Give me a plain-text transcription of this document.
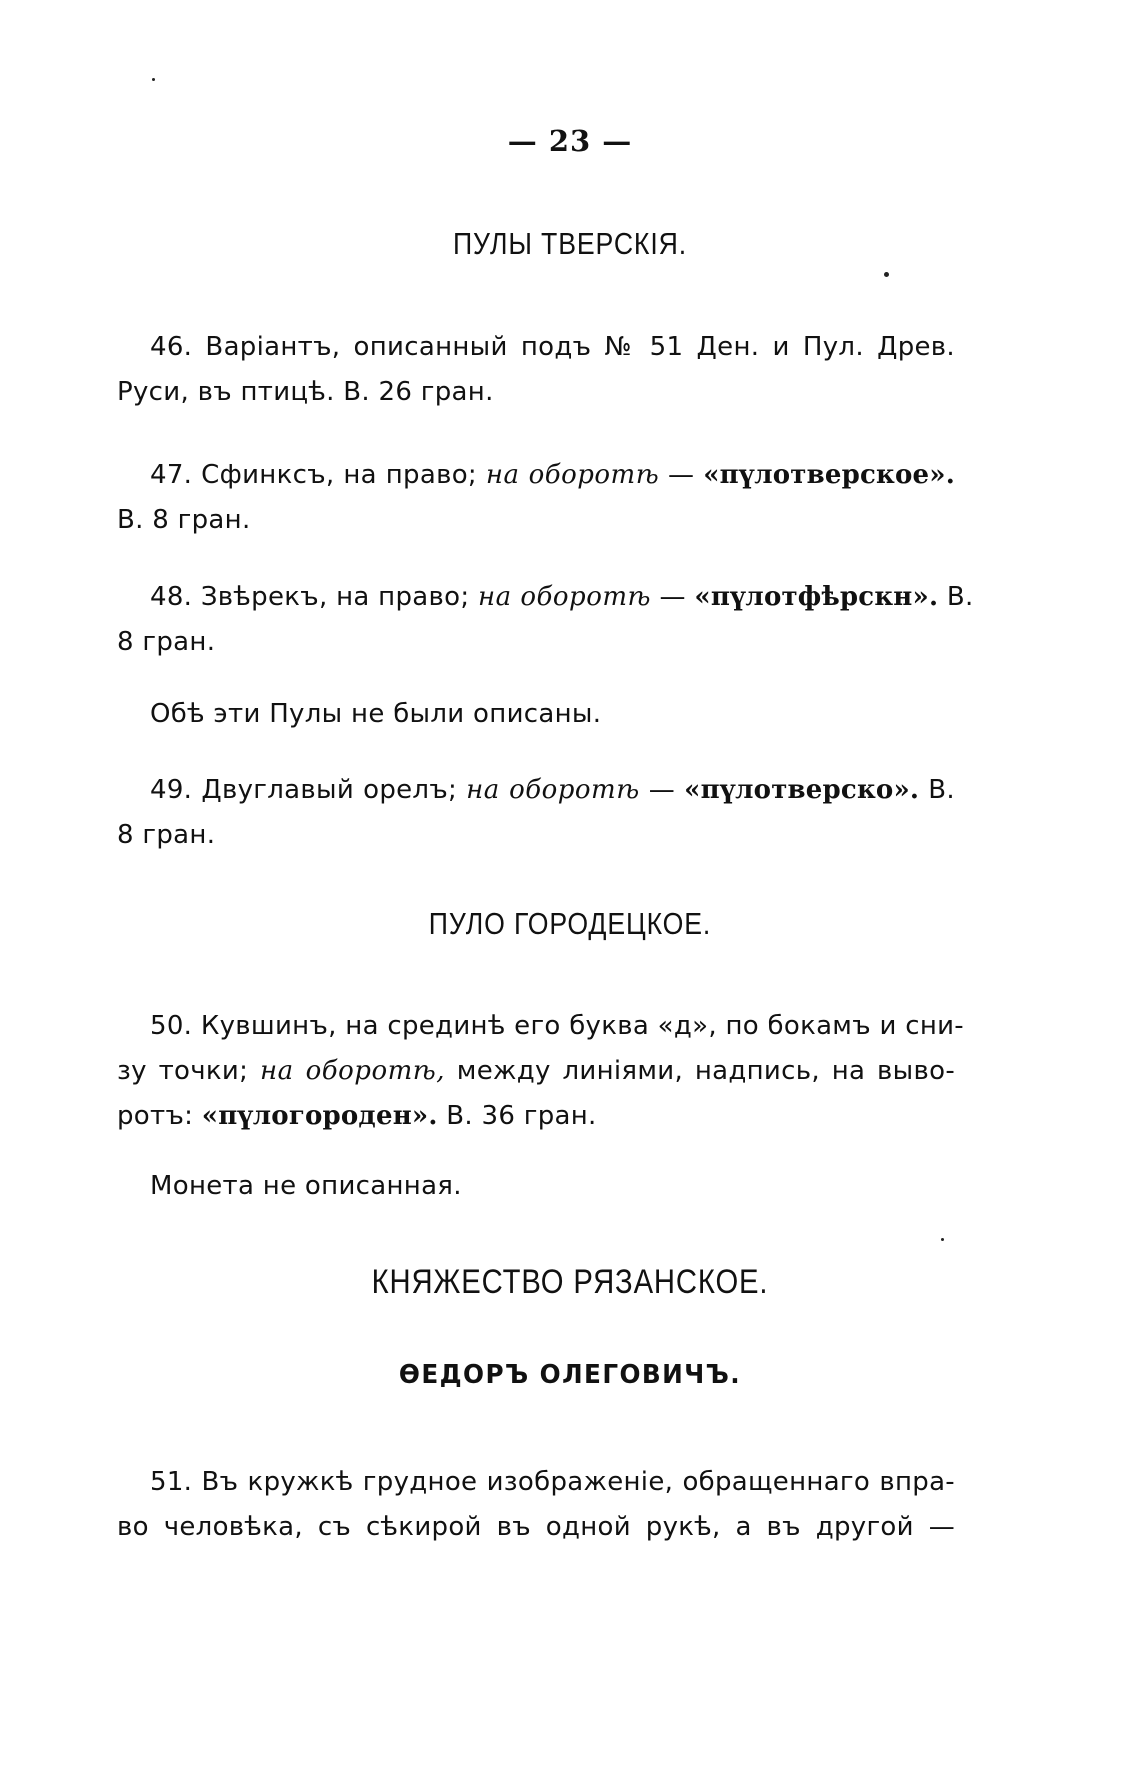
— 23 —
ПУЛЫ ТВЕРСКІЯ.
46. Варіантъ, описанный подъ № 51 Ден. и Пул. Древ.
Руси, въ птицѣ. В. 26 гран.
47. Сфинксъ, на право; на оборотѣ — «пүлотверское».
В. 8 гран.
48. Звѣрекъ, на право; на оборотѣ — «пүлотфѣрскн». В.
8 гран.
Обѣ эти Пулы не были описаны.
49. Двуглавый орелъ; на оборотѣ — «пүлотверско». В.
8 гран.
ПУЛО ГОРОДЕЦКОЕ.
50. Кувшинъ, на срединѣ его буква «д», по бокамъ и сни-
зу точки; на оборотѣ, между линіями, надпись, на выво-
ротъ: «пүлогороден». В. 36 гран.
Монета не описанная.
КНЯЖЕСТВО РЯЗАНСКОЕ.
ѲЕДОРЪ ОЛЕГОВИЧЪ.
51. Въ кружкѣ грудное изображеніе, обращеннаго впра-
во человѣка, съ сѣкирой въ одной рукѣ, а въ другой —
